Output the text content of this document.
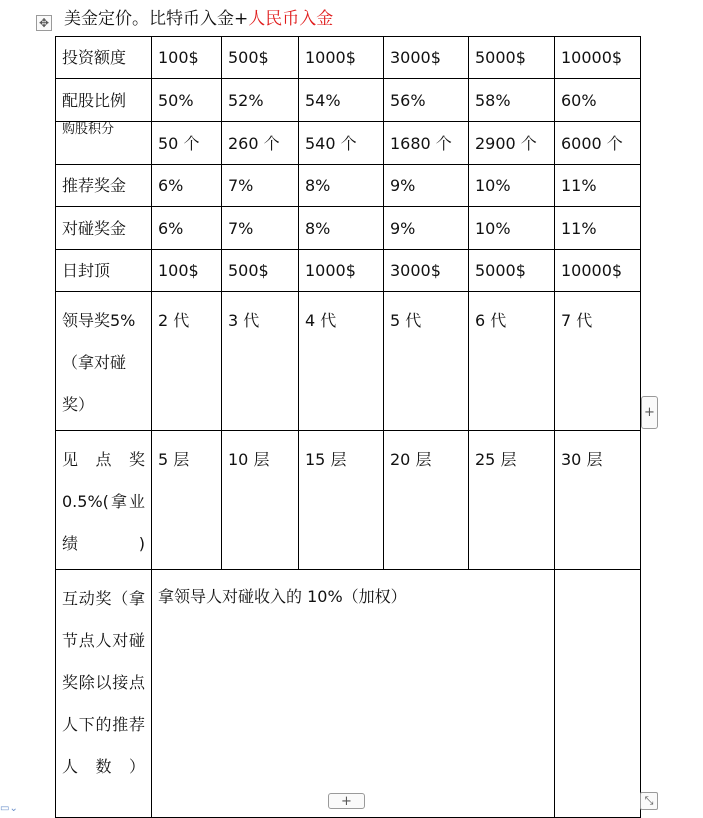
✥ 美金定价。比特币入金+人民币入金
投资额度	100$	500$	1000$	3000$	5000$	10000$
配股比例	50%	52%	54%	56%	58%	60%
购股积分	50 个	260 个	540 个	1680 个	2900 个	6000 个
推荐奖金	6%	7%	8%	9%	10%	11%
对碰奖金	6%	7%	8%	9%	10%	11%
日封顶	100$	500$	1000$	3000$	5000$	10000$
领导奖5%（拿对碰奖）	2 代	3 代	4 代	5 代	6 代	7 代
见 点 奖0.5%(拿业绩)	5 层	10 层	15 层	20 层	25 层	30 层
互动奖（拿节点人对碰奖除以接点人下的推荐人数）	拿领导人对碰收入的 10%（加权）					
+
+	⤡
▭⌄
